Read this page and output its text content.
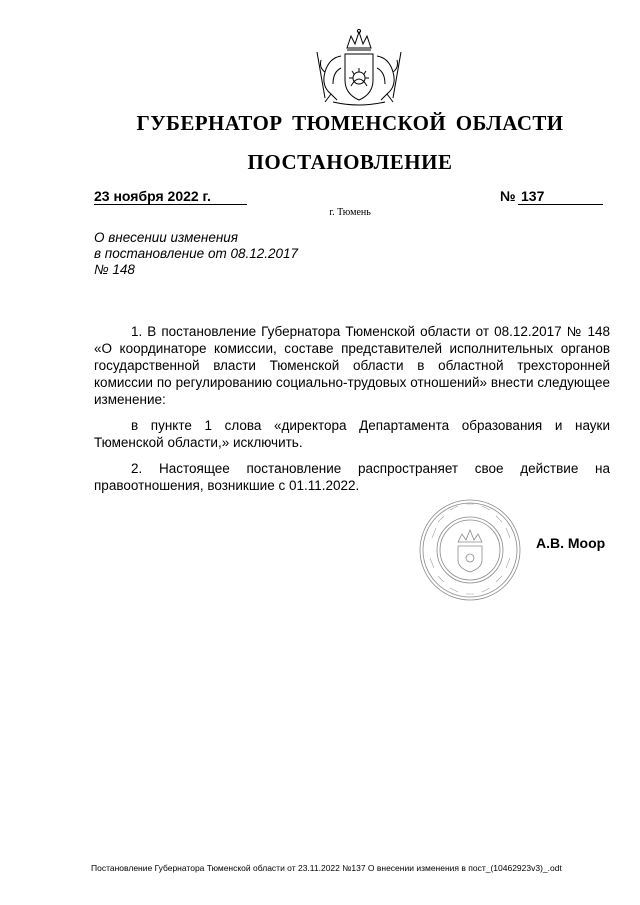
ГУБЕРНАТОР ТЮМЕНСКОЙ ОБЛАСТИ
ПОСТАНОВЛЕНИЕ
23 ноября 2022 г.	№ 137
г. Тюмень
О внесении изменения
в постановление от 08.12.2017
№ 148

1. В постановление Губернатора Тюменской области от 08.12.2017 № 148 «О координаторе комиссии, составе представителей исполнительных органов государственной власти Тюменской области в областной трехсторонней комиссии по регулированию социально-трудовых отношений» внести следующее изменение:

в пункте 1 слова «директора Департамента образования и науки Тюменской области,» исключить.

2. Настоящее постановление распространяет свое действие на правоотношения, возникшие с 01.11.2022.

А.В. Моор
Постановление Губернатора Тюменской области от 23.11.2022 №137 О внесении изменения в пост_(10462923v3)_.odt
